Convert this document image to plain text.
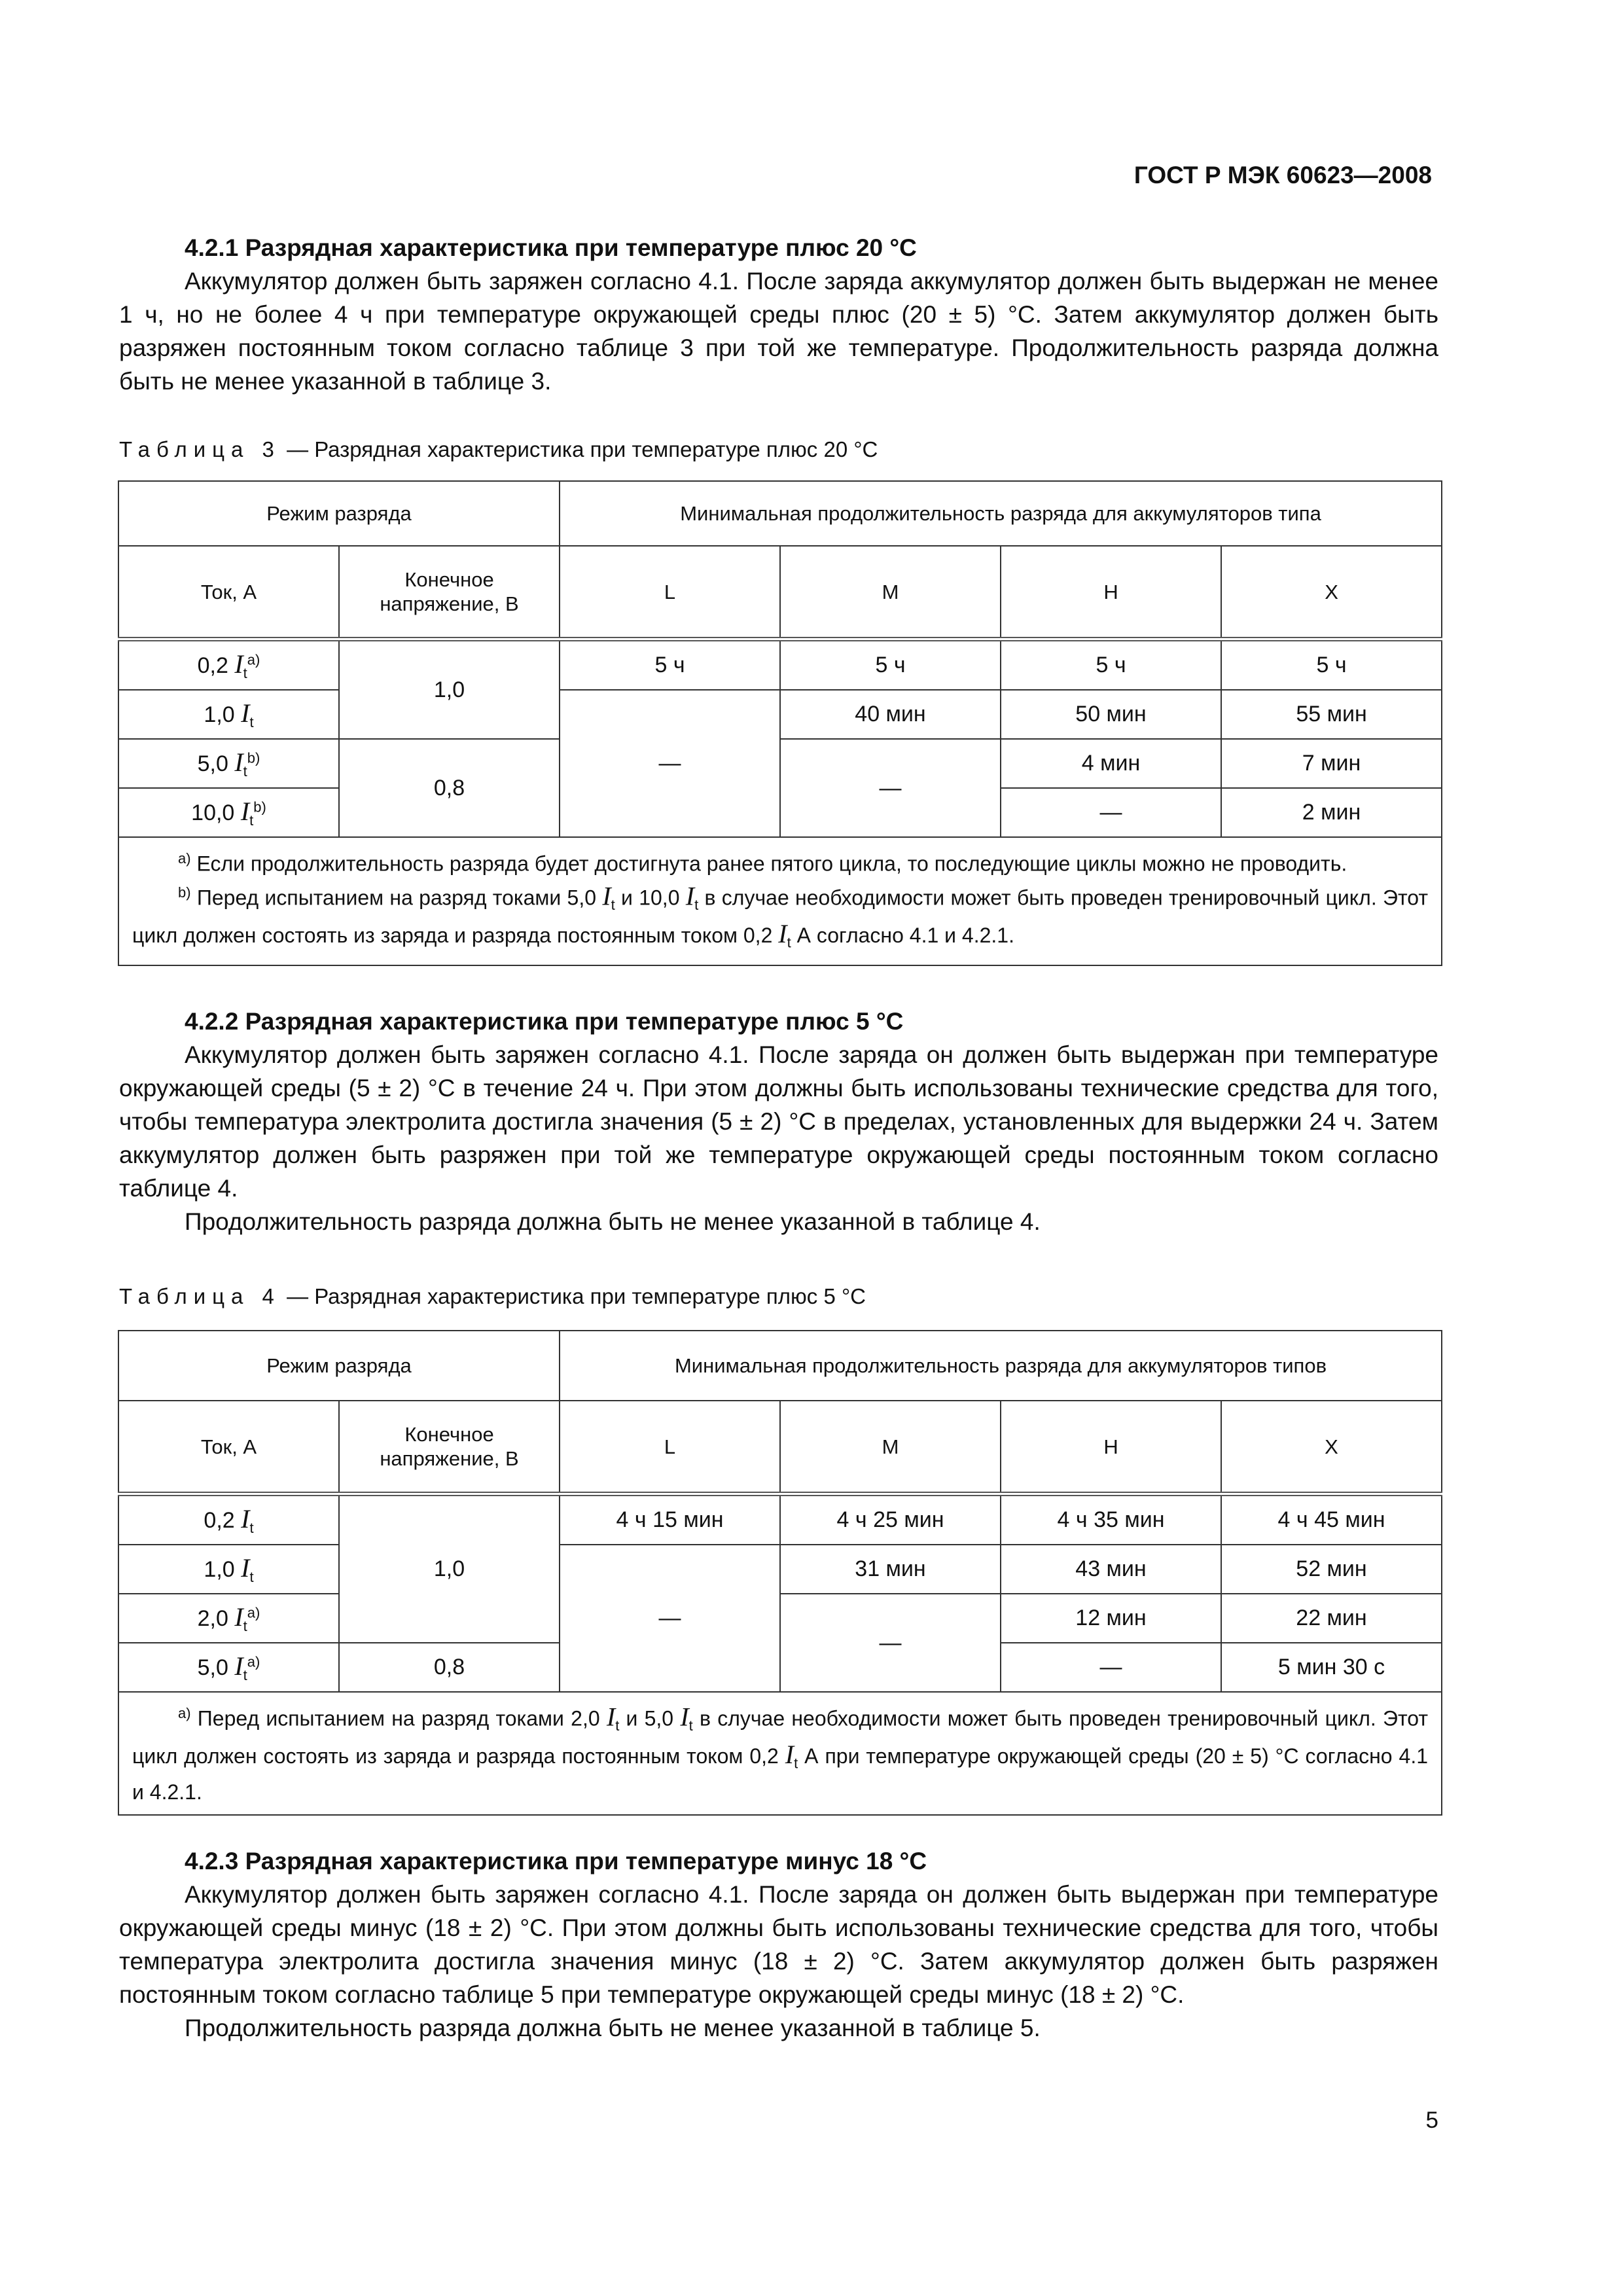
ГОСТ Р МЭК 60623—2008
4.2.1 Разрядная характеристика при температуре плюс 20 °С

Аккумулятор должен быть заряжен согласно 4.1. После заряда аккумулятор должен быть выдержан не менее 1 ч, но не более 4 ч при температуре окружающей среды плюс (20 ± 5) °С. Затем аккумулятор должен быть разряжен постоянным током согласно таблице 3 при той же температуре. Продолжительность разряда должна быть не менее указанной в таблице 3.

Таблица 3 — Разрядная характеристика при температуре плюс 20 °С
Режим разряда		Минимальная продолжительность разряда для аккумуляторов типа			
Ток, А	Конечное напряжение, В	L	M	H	X
0,2 $I_t^{a)}$	1,0	5 ч	5 ч	5 ч	5 ч
1,0 $I_t$		—	40 мин	50 мин	55 мин
5,0 $I_t^{b)}$	0,8		—	4 мин	7 мин
10,0 $I_t^{b)}$				—	2 мин

$^{a)}$ Если продолжительность разряда будет достигнута ранее пятого цикла, то последующие циклы можно не проводить.

$^{b)}$ Перед испытанием на разряд токами 5,0 $I_t$ и 10,0 $I_t$ в случае необходимости может быть проведен тренировочный цикл. Этот цикл должен состоять из заряда и разряда постоянным током 0,2 $I_t$ А согласно 4.1 и 4.2.1.					

4.2.2 Разрядная характеристика при температуре плюс 5 °С

Аккумулятор должен быть заряжен согласно 4.1. После заряда он должен быть выдержан при температуре окружающей среды (5 ± 2) °С в течение 24 ч. При этом должны быть использованы технические средства для того, чтобы температура электролита достигла значения (5 ± 2) °С в пределах, установленных для выдержки 24 ч. Затем аккумулятор должен быть разряжен при той же температуре окружающей среды постоянным током согласно таблице 4.

Продолжительность разряда должна быть не менее указанной в таблице 4.

Таблица 4 — Разрядная характеристика при температуре плюс 5 °С
Режим разряда		Минимальная продолжительность разряда для аккумуляторов типов			
Ток, А	Конечное напряжение, В	L	M	H	X
0,2 $I_t$	1,0	4 ч 15 мин	4 ч 25 мин	4 ч 35 мин	4 ч 45 мин
1,0 $I_t$		—	31 мин	43 мин	52 мин
2,0 $I_t^{a)}$			—	12 мин	22 мин
5,0 $I_t^{a)}$	0,8			—	5 мин 30 с

$^{a)}$ Перед испытанием на разряд токами 2,0 $I_t$ и 5,0 $I_t$ в случае необходимости может быть проведен тренировочный цикл. Этот цикл должен состоять из заряда и разряда постоянным током 0,2 $I_t$ А при температуре окружающей среды (20 ± 5) °С согласно 4.1 и 4.2.1.					

4.2.3 Разрядная характеристика при температуре минус 18 °С

Аккумулятор должен быть заряжен согласно 4.1. После заряда он должен быть выдержан при температуре окружающей среды минус (18 ± 2) °С. При этом должны быть использованы технические средства для того, чтобы температура электролита достигла значения минус (18 ± 2) °С. Затем аккумулятор должен быть разряжен постоянным током согласно таблице 5 при температуре окружающей среды минус (18 ± 2) °С.

Продолжительность разряда должна быть не менее указанной в таблице 5.

5
